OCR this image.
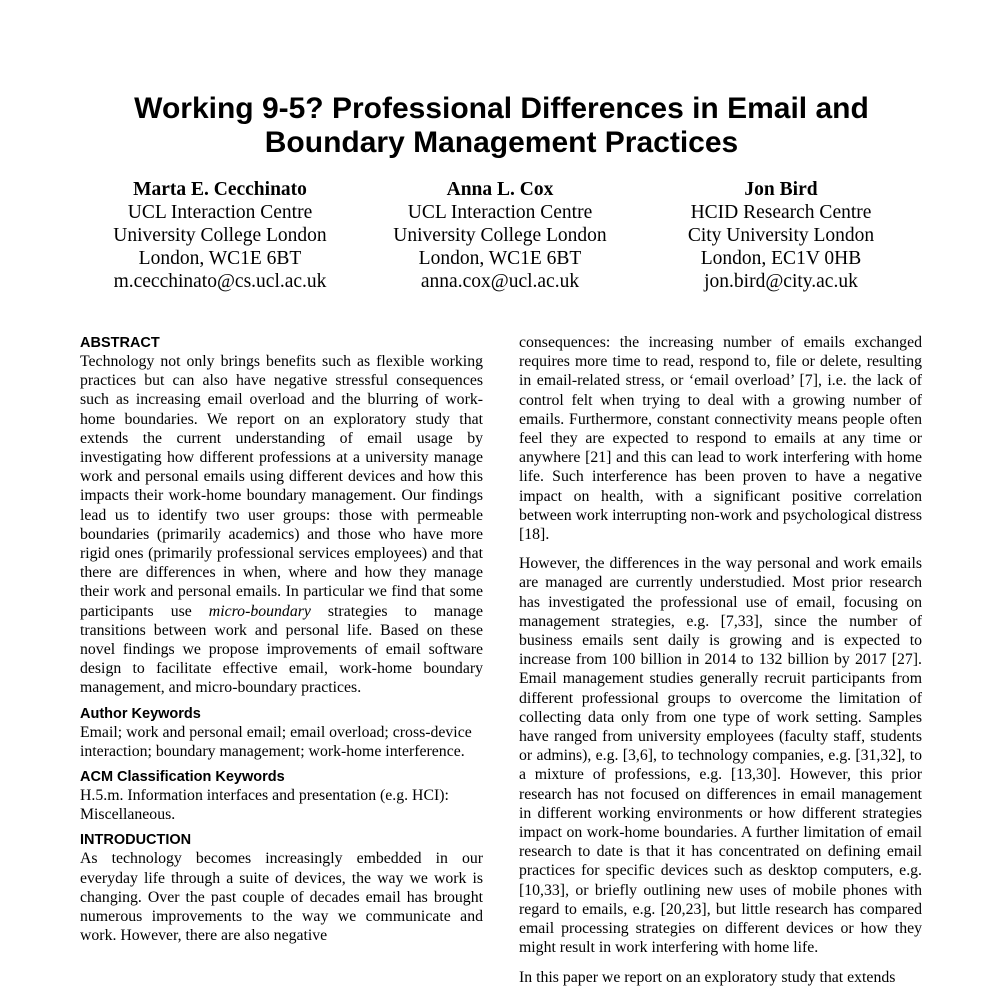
Working 9-5? Professional Differences in Email and
Boundary Management Practices
Marta E. Cecchinato
UCL Interaction Centre
University College London
London, WC1E 6BT
m.cecchinato@cs.ucl.ac.uk
Anna L. Cox
UCL Interaction Centre
University College London
London, WC1E 6BT
anna.cox@ucl.ac.uk
Jon Bird
HCID Research Centre
City University London
London, EC1V 0HB
jon.bird@city.ac.uk
ABSTRACT

Technology not only brings benefits such as flexible working practices but can also have negative stressful consequences such as increasing email overload and the blurring of work-home boundaries. We report on an exploratory study that extends the current understanding of email usage by investigating how different professions at a university manage work and personal emails using different devices and how this impacts their work-home boundary management. Our findings lead us to identify two user groups: those with permeable boundaries (primarily academics) and those who have more rigid ones (primarily professional services employees) and that there are differences in when, where and how they manage their work and personal emails. In particular we find that some participants use micro-boundary strategies to manage transitions between work and personal life. Based on these novel findings we propose improvements of email software design to facilitate effective email, work-home boundary management, and micro-boundary practices.

Author Keywords

Email; work and personal email; email overload; cross-device interaction; boundary management; work-home interference.

ACM Classification Keywords

H.5.m. Information interfaces and presentation (e.g. HCI): Miscellaneous.

INTRODUCTION

As technology becomes increasingly embedded in our everyday life through a suite of devices, the way we work is changing. Over the past couple of decades email has brought numerous improvements to the way we communicate and work. However, there are also negative

consequences: the increasing number of emails exchanged requires more time to read, respond to, file or delete, resulting in email-related stress, or ‘email overload’ [7], i.e. the lack of control felt when trying to deal with a growing number of emails. Furthermore, constant connectivity means people often feel they are expected to respond to emails at any time or anywhere [21] and this can lead to work interfering with home life. Such interference has been proven to have a negative impact on health, with a significant positive correlation between work interrupting non-work and psychological distress [18].

However, the differences in the way personal and work emails are managed are currently understudied. Most prior research has investigated the professional use of email, focusing on management strategies, e.g. [7,33], since the number of business emails sent daily is growing and is expected to increase from 100 billion in 2014 to 132 billion by 2017 [27]. Email management studies generally recruit participants from different professional groups to overcome the limitation of collecting data only from one type of work setting. Samples have ranged from university employees (faculty staff, students or admins), e.g. [3,6], to technology companies, e.g. [31,32], to a mixture of professions, e.g. [13,30]. However, this prior research has not focused on differences in email management in different working environments or how different strategies impact on work-home boundaries. A further limitation of email research to date is that it has concentrated on defining email practices for specific devices such as desktop computers, e.g. [10,33], or briefly outlining new uses of mobile phones with regard to emails, e.g. [20,23], but little research has compared email processing strategies on different devices or how they might result in work interfering with home life.

In this paper we report on an exploratory study that extends
